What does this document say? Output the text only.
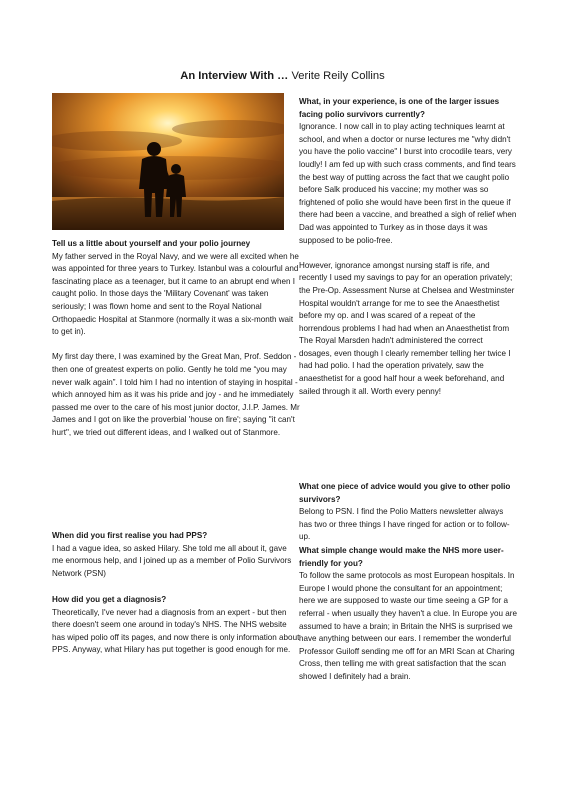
An Interview With … Verite Reily Collins
Tell us a little about yourself and your polio journey

My father served in the Royal Navy, and we were all excited when he was appointed for three years to Turkey. Istanbul was a colourful and fascinating place as a teenager, but it came to an abrupt end when I caught polio. In those days the 'Military Covenant' was taken seriously; I was flown home and sent to the Royal National Orthopaedic Hospital at Stanmore (normally it was a six-month wait to get in).

My first day there, I was examined by the Great Man, Prof. Seddon - then one of greatest experts on polio. Gently he told me “you may never walk again”. I told him I had no intention of staying in hospital - which annoyed him as it was his pride and joy - and he immediately passed me over to the care of his most junior doctor, J.I.P. James. Mr James and I got on like the proverbial 'house on fire'; saying "it can't hurt", we tried out different ideas, and I walked out of Stanmore.

When did you first realise you had PPS?

I had a vague idea, so asked Hilary. She told me all about it, gave me enormous help, and I joined up as a member of Polio Survivors Network (PSN)

How did you get a diagnosis?

Theoretically, I've never had a diagnosis from an expert - but then there doesn't seem one around in today's NHS. The NHS website has wiped polio off its pages, and now there is only information about PPS. Anyway, what Hilary has put together is good enough for me.

What, in your experience, is one of the larger issues facing polio survivors currently?

Ignorance. I now call in to play acting techniques learnt at school, and when a doctor or nurse lectures me "why didn't you have the polio vaccine" I burst into crocodile tears, very loudly! I am fed up with such crass comments, and find tears the best way of putting across the fact that we caught polio before Salk produced his vaccine; my mother was so frightened of polio she would have been first in the queue if there had been a vaccine, and breathed a sigh of relief when Dad was appointed to Turkey as in those days it was supposed to be polio-free.

However, ignorance amongst nursing staff is rife, and recently I used my savings to pay for an operation privately; the Pre-Op. Assessment Nurse at Chelsea and Westminster Hospital wouldn't arrange for me to see the Anaesthetist before my op. and I was scared of a repeat of the horrendous problems I had had when an Anaesthetist from The Royal Marsden hadn't administered the correct dosages, even though I clearly remember telling her twice I had had polio. I had the operation privately, saw the anaesthetist for a good half hour a week beforehand, and sailed through it all. Worth every penny!

What one piece of advice would you give to other polio survivors?

Belong to PSN. I find the Polio Matters newsletter always has two or three things I have ringed for action or to follow-up.

What simple change would make the NHS more user-friendly for you?

To follow the same protocols as most European hospitals. In Europe I would phone the consultant for an appointment; here we are supposed to waste our time seeing a GP for a referral - when usually they haven't a clue. In Europe you are assumed to have a brain; in Britain the NHS is surprised we have anything between our ears. I remember the wonderful Professor Guiloff sending me off for an MRI Scan at Charing Cross, then telling me with great satisfaction that the scan showed I definitely had a brain.
